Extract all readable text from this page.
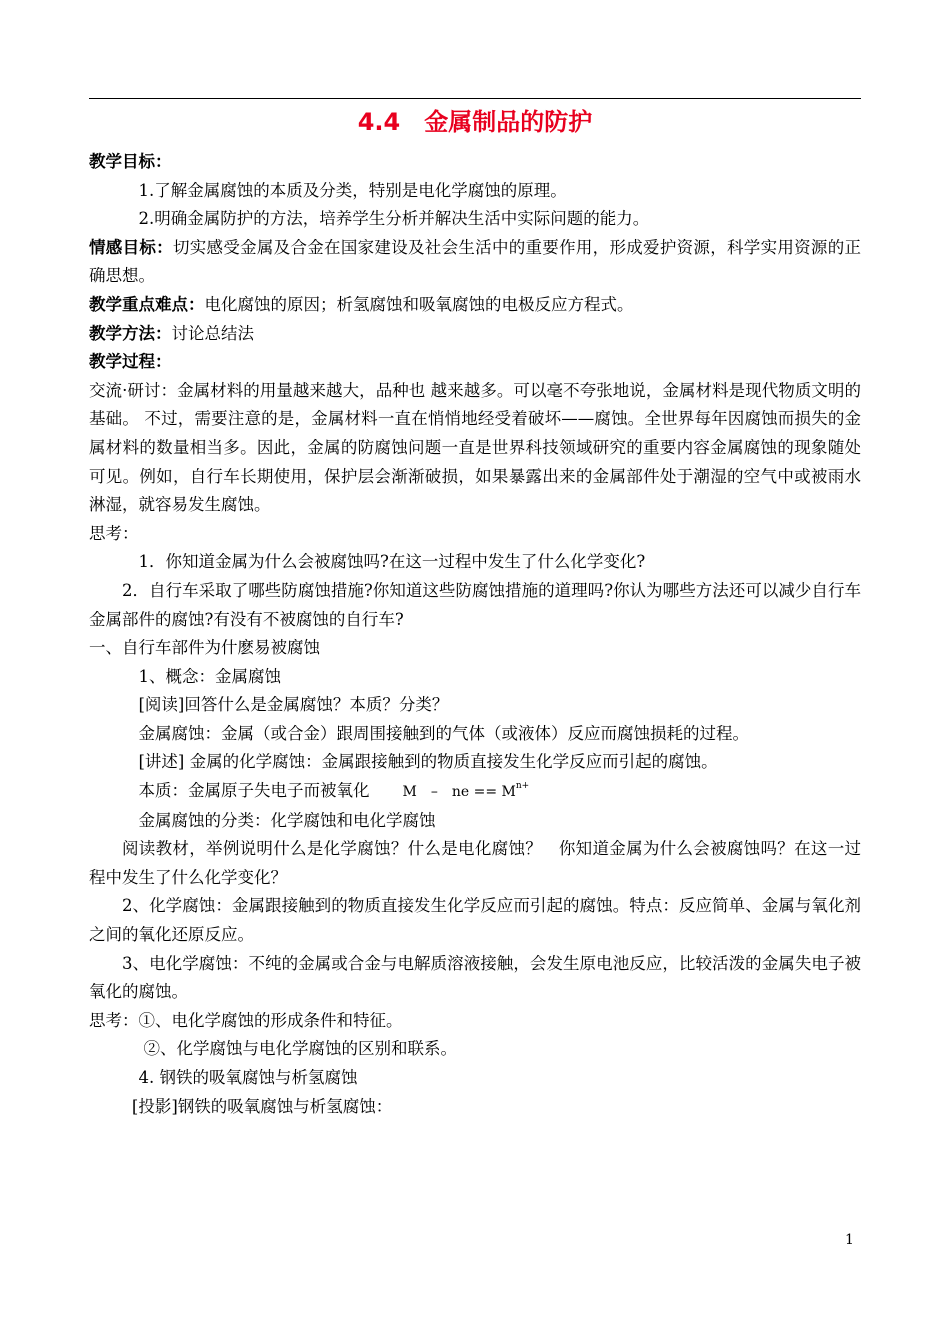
4.4　金属制品的防护

教学目标：

1.了解金属腐蚀的本质及分类，特别是电化学腐蚀的原理。

2.明确金属防护的方法，培养学生分析并解决生活中实际问题的能力。

情感目标：切实感受金属及合金在国家建设及社会生活中的重要作用，形成爱护资源，科学实用资源的正确思想。

教学重点难点：电化腐蚀的原因；析氢腐蚀和吸氧腐蚀的电极反应方程式。

教学方法：讨论总结法

教学过程：

交流·研讨：金属材料的用量越来越大，品种也 越来越多。可以毫不夸张地说，金属材料是现代物质文明的基础。 不过，需要注意的是，金属材料一直在悄悄地经受着破坏——腐蚀。全世界每年因腐蚀而损失的金属材料的数量相当多。因此，金属的防腐蚀问题一直是世界科技领域研究的重要内容金属腐蚀的现象随处可见。例如，自行车长期使用，保护层会渐渐破损，如果暴露出来的金属部件处于潮湿的空气中或被雨水淋湿，就容易发生腐蚀。

思考：

1．你知道金属为什么会被腐蚀吗?在这一过程中发生了什么化学变化?

2．自行车采取了哪些防腐蚀措施?你知道这些防腐蚀措施的道理吗?你认为哪些方法还可以减少自行车金属部件的腐蚀?有没有不被腐蚀的自行车?

一、自行车部件为什麽易被腐蚀

1、概念：金属腐蚀

[阅读]回答什么是金属腐蚀？本质？分类？

金属腐蚀：金属（或合金）跟周围接触到的气体（或液体）反应而腐蚀损耗的过程。

[讲述] 金属的化学腐蚀：金属跟接触到的物质直接发生化学反应而引起的腐蚀。

本质：金属原子失电子而被氧化   M　–　ne == $M^{n+}$

金属腐蚀的分类：化学腐蚀和电化学腐蚀

阅读教材，举例说明什么是化学腐蚀？什么是电化腐蚀？　你知道金属为什么会被腐蚀吗？在这一过程中发生了什么化学变化？

2、化学腐蚀：金属跟接触到的物质直接发生化学反应而引起的腐蚀。特点：反应简单、金属与氧化剂之间的氧化还原反应。

3、电化学腐蚀：不纯的金属或合金与电解质溶液接触，会发生原电池反应，比较活泼的金属失电子被氧化的腐蚀。

思考：①、电化学腐蚀的形成条件和特征。

②、化学腐蚀与电化学腐蚀的区别和联系。

4. 钢铁的吸氧腐蚀与析氢腐蚀

[投影]钢铁的吸氧腐蚀与析氢腐蚀：

1
